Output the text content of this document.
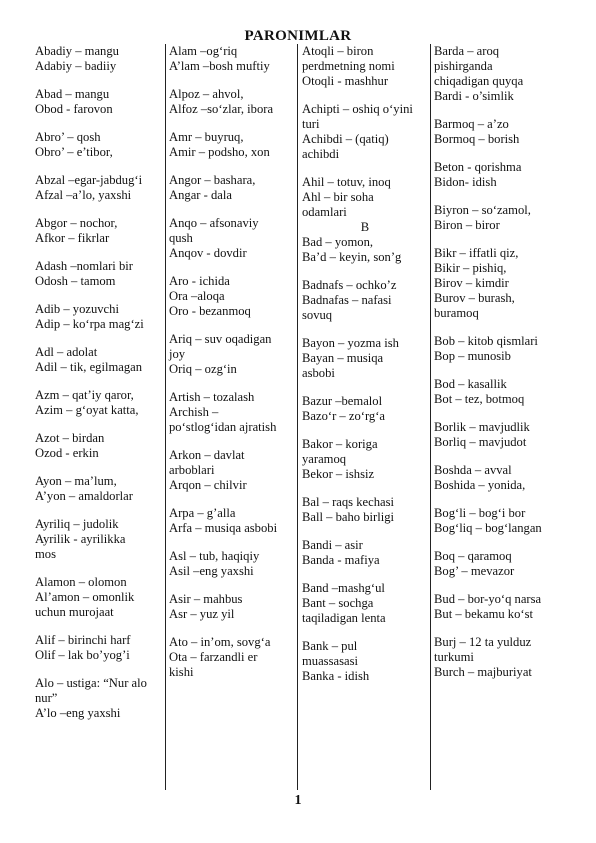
PARONIMLAR
Abadiy – mangu
Adabiy – badiiy
Abad – mangu
Obod - farovon
Abro’ – qosh
Obro’ – e’tibor,
Abzal –egar-jabdug‘i
Afzal –a’lo, yaxshi
Abgor – nochor,
Afkor – fikrlar
Adash –nomlari bir
Odosh – tamom
Adib – yozuvchi
Adip – ko‘rpa mag‘zi
Adl – adolat
Adil – tik, egilmagan
Azm – qat’iy qaror,
Azim – g‘oyat katta,
Azot – birdan
Ozod - erkin
Ayon – ma’lum,
A’yon – amaldorlar
Ayriliq – judolik
Ayrilik - ayrilikka
mos
Alamon – olomon
Al’amon – omonlik
uchun murojaat
Alif – birinchi harf
Olif – lak bo’yog’i
Alo – ustiga: “Nur alo
nur”
A’lo –eng yaxshi
Alam –og‘riq
A’lam –bosh muftiy
Alpoz – ahvol,
Alfoz –so‘zlar, ibora
Amr – buyruq,
Amir – podsho, xon
Angor – bashara,
Angar - dala
Anqo – afsonaviy
qush
Anqov - dovdir
Aro - ichida
Ora –aloqa
Oro - bezanmoq
Ariq – suv oqadigan
joy
Oriq – ozg‘in
Artish – tozalash
Archish –
po‘stlog‘idan ajratish
Arkon – davlat
arboblari
Arqon – chilvir
Arpa – g’alla
Arfa – musiqa asbobi
Asl – tub, haqiqiy
Asil –eng yaxshi
Asir – mahbus
Asr – yuz yil
Ato – in’om, sovg‘a
Ota – farzandli er
kishi
Atoqli – biron
perdmetning nomi
Otoqli - mashhur
Achipti – oshiq o‘yini
turi
Achibdi – (qatiq)
achibdi
Ahil – totuv, inoq
Ahl – bir soha
odamlari
B
Bad – yomon,
Ba’d – keyin, son’g
Badnafs – ochko’z
Badnafas – nafasi
sovuq
Bayon – yozma ish
Bayan – musiqa
asbobi
Bazur –bemalol
Bazo‘r – zo‘rg‘a
Bakor – koriga
yaramoq
Bekor – ishsiz
Bal – raqs kechasi
Ball – baho birligi
Bandi – asir
Banda - mafiya
Band –mashg‘ul
Bant – sochga
taqiladigan lenta
Bank – pul
muassasasi
Banka - idish
Barda – aroq
pishirganda
chiqadigan quyqa
Bardi - o’simlik
Barmoq – a’zo
Bormoq – borish
Beton - qorishma
Bidon- idish
Biyron – so‘zamol,
Biron – biror
Bikr – iffatli qiz,
Bikir – pishiq,
Birov – kimdir
Burov – burash,
buramoq
Bob – kitob qismlari
Bop – munosib
Bod – kasallik
Bot – tez, botmoq
Borlik – mavjudlik
Borliq – mavjudot
Boshda – avval
Boshida – yonida,
Bog‘li – bog‘i bor
Bog‘liq – bog‘langan
Boq – qaramoq
Bog’ – mevazor
Bud – bor-yo‘q narsa
But – bekamu ko‘st
Burj – 12 ta yulduz
turkumi
Burch – majburiyat
1
